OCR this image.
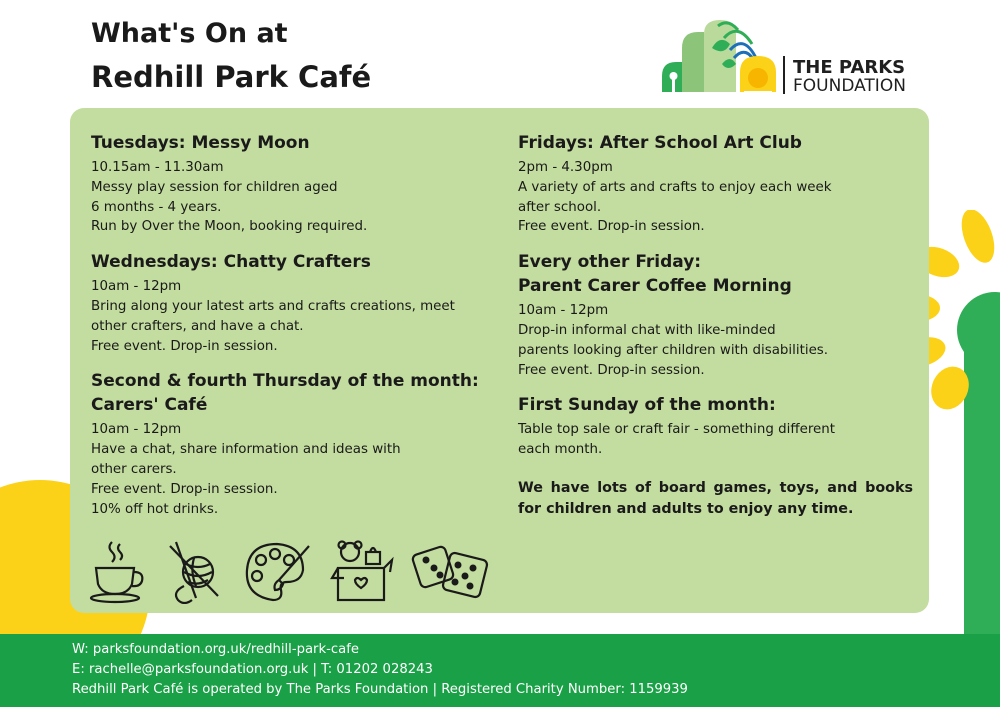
What's On at
Redhill Park Café	THE PARKS
FOUNDATION
Tuesdays: Messy Moon

10.15am - 11.30am

Messy play session for children aged
6 months - 4 years.
Run by Over the Moon, booking required.

Wednesdays: Chatty Crafters

10am - 12pm

Bring along your latest arts and crafts creations, meet
other crafters, and have a chat.
Free event. Drop-in session.

Second & fourth Thursday of the month:
Carers' Café

10am - 12pm

Have a chat, share information and ideas with
other carers.
Free event. Drop-in session.
10% off hot drinks.

Fridays: After School Art Club

2pm - 4.30pm

A variety of arts and crafts to enjoy each week
after school.
Free event. Drop-in session.

Every other Friday:
Parent Carer Coffee Morning

10am - 12pm

Drop-in informal chat with like-minded
parents looking after children with disabilities.
Free event. Drop-in session.

First Sunday of the month:

Table top sale or craft fair - something different
each month.

We have lots of board games, toys, and books for children and adults to enjoy any time.

W: parksfoundation.org.uk/redhill-park-cafe

E: rachelle@parksfoundation.org.uk | T: 01202 028243

Redhill Park Café is operated by The Parks Foundation | Registered Charity Number: 1159939
